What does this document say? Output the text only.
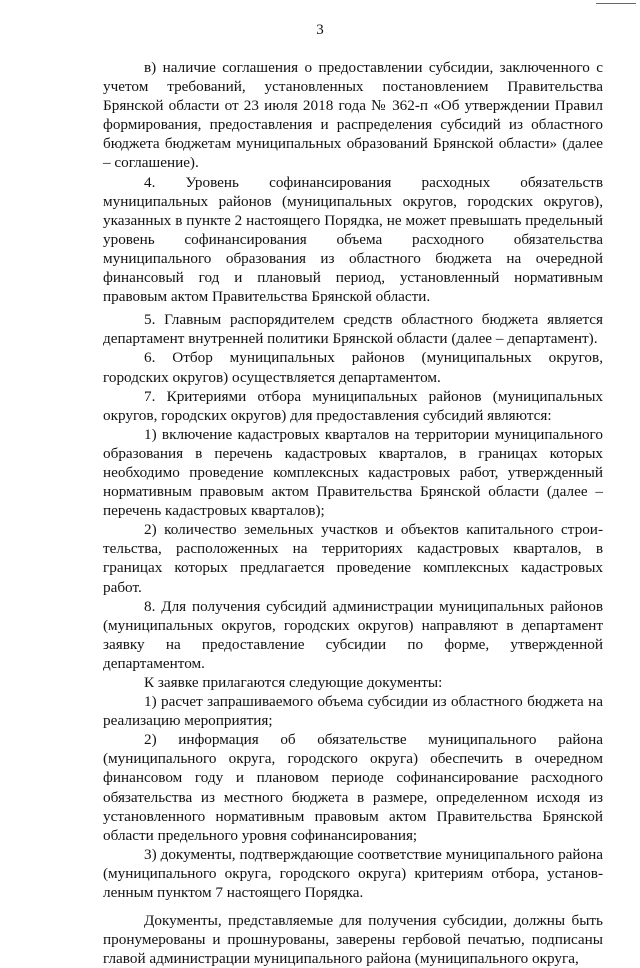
3

в) наличие соглашения о предоставлении субсидии, заключенного с учетом требований, установленных постановлением Правительства Брянской области от 23 июля 2018 года № 362-п «Об утверждении Правил формирования, предоставления и распределения субсидий из областного бюджета бюджетам муниципальных образований Брянской области» (далее – соглашение).

4. Уровень софинансирования расходных обязательств муниципальных районов (муниципальных округов, городских округов), указанных в пункте 2 настоящего Порядка, не может превышать предельный уровень софинансирования объема расходного обязательства муниципального образования из областного бюджета на очередной финансовый год и плановый период, установленный нормативным правовым актом Правительства Брянской области.

5. Главным распорядителем средств областного бюджета является департамент внутренней политики Брянской области (далее – департамент).

6. Отбор муниципальных районов (муниципальных округов, городских округов) осуществляется департаментом.

7. Критериями отбора муниципальных районов (муниципальных округов, городских округов) для предоставления субсидий являются:

1) включение кадастровых кварталов на территории муниципального образования в перечень кадастровых кварталов, в границах которых необходимо проведение комплексных кадастровых работ, утвержденный нормативным правовым актом Правительства Брянской области (далее – перечень кадастровых кварталов);

2) количество земельных участков и объектов капитального строительства, расположенных на территориях кадастровых кварталов, в границах которых предлагается проведение комплексных кадастровых работ.

8. Для получения субсидий администрации муниципальных районов (муниципальных округов, городских округов) направляют в департамент заявку на предоставление субсидии по форме, утвержденной департаментом.

К заявке прилагаются следующие документы:

1) расчет запрашиваемого объема субсидии из областного бюджета на реализацию мероприятия;

2) информация об обязательстве муниципального района (муниципального округа, городского округа) обеспечить в очередном финансовом году и плановом периоде софинансирование расходного обязательства из местного бюджета в размере, определенном исходя из установленного нормативным правовым актом Правительства Брянской области предельного уровня софинансирования;

3) документы, подтверждающие соответствие муниципального района (муниципального округа, городского округа) критериям отбора, установленным пунктом 7 настоящего Порядка.

Документы, представляемые для получения субсидии, должны быть пронумерованы и прошнурованы, заверены гербовой печатью, подписаны главой администрации муниципального района (муниципального округа,
